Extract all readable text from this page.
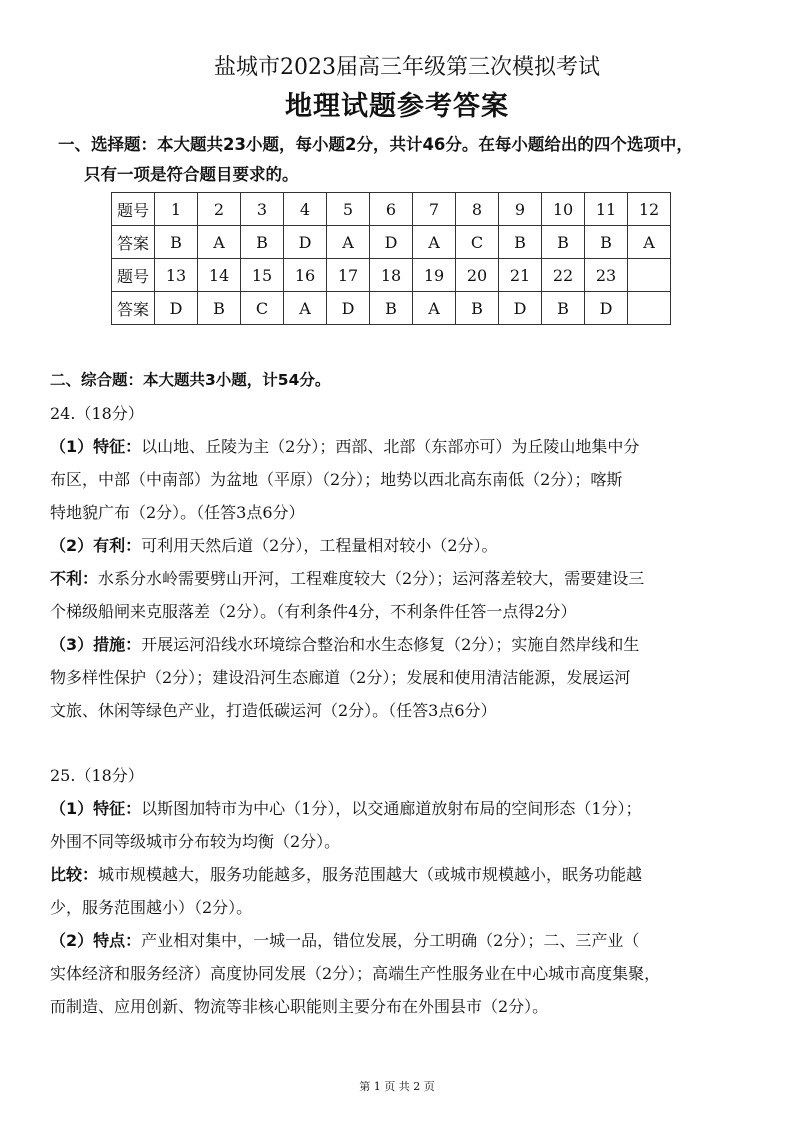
盐城市2023届高三年级第三次模拟考试
地理试题参考答案
一、选择题：本大题共23小题，每小题2分，共计46分。在每小题给出的四个选项中，
只有一项是符合题目要求的。
题号	1	2	3	4	5	6	7	8	9	10	11	12
答案	B	A	B	D	A	D	A	C	B	B	B	A
题号	13	14	15	16	17	18	19	20	21	22	23	
答案	D	B	C	A	D	B	A	B	D	B	D	
二、综合题：本大题共3小题，计54分。
24.（18分）
（1）特征：以山地、丘陵为主（2分）；西部、北部（东部亦可）为丘陵山地集中分
布区，中部（中南部）为盆地（平原）（2分）；地势以西北高东南低（2分）；喀斯
特地貌广布（2分）。（任答3点6分）
（2）有利：可利用天然后道（2分），工程量相对较小（2分）。
不利：水系分水岭需要劈山开河，工程难度较大（2分）；运河落差较大，需要建设三
个梯级船闸来克服落差（2分）。（有利条件4分，不利条件任答一点得2分）
（3）措施：开展运河沿线水环境综合整治和水生态修复（2分）；实施自然岸线和生
物多样性保护（2分）；建设沿河生态廊道（2分）；发展和使用清洁能源，发展运河
文旅、休闲等绿色产业，打造低碳运河（2分）。（任答3点6分）
25.（18分）
（1）特征：以斯图加特市为中心（1分），以交通廊道放射布局的空间形态（1分）；
外围不同等级城市分布较为均衡（2分）。
比较：城市规模越大，服务功能越多，服务范围越大（或城市规模越小，眠务功能越
少，服务范围越小）（2分）。
（2）特点：产业相对集中，一城一品，错位发展，分工明确（2分）；二、三产业（
实体经济和服务经济）高度协同发展（2分）；高端生产性服务业在中心城市高度集聚，
而制造、应用创新、物流等非核心职能则主要分布在外围县市（2分）。
第 1 页 共 2 页
